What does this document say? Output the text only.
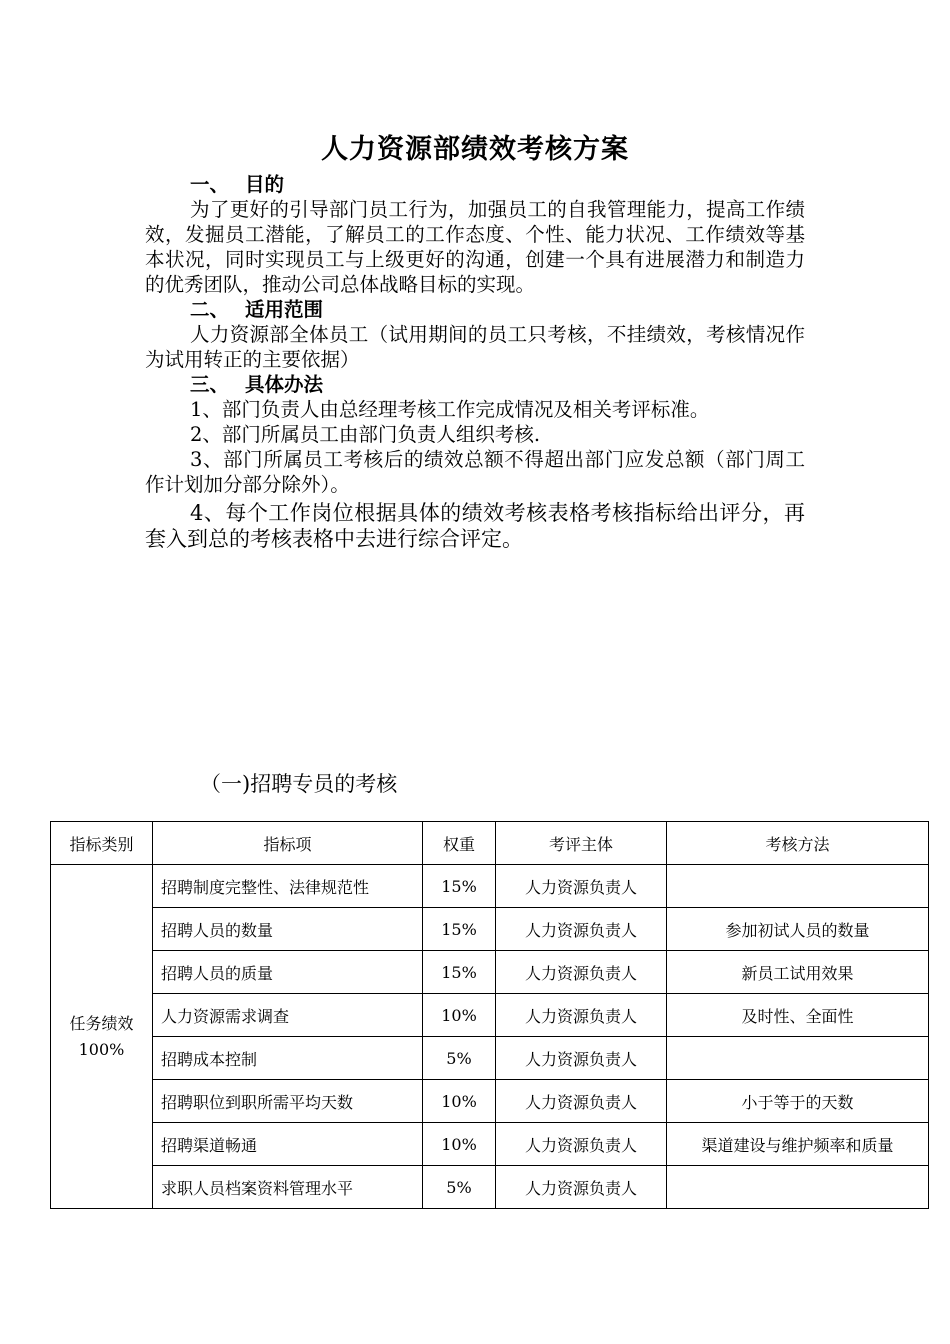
人力资源部绩效考核方案
一、 目的
为了更好的引导部门员工行为，加强员工的自我管理能力，提高工作绩效，发掘员工潜能，了解员工的工作态度、个性、能力状况、工作绩效等基本状况，同时实现员工与上级更好的沟通，创建一个具有进展潜力和制造力的优秀团队，推动公司总体战略目标的实现。
二、 适用范围
人力资源部全体员工（试用期间的员工只考核，不挂绩效，考核情况作为试用转正的主要依据）
三、 具体办法
1、部门负责人由总经理考核工作完成情况及相关考评标准。
2、部门所属员工由部门负责人组织考核.
3、部门所属员工考核后的绩效总额不得超出部门应发总额（部门周工作计划加分部分除外）。
4、每个工作岗位根据具体的绩效考核表格考核指标给出评分，再套入到总的考核表格中去进行综合评定。
（一)招聘专员的考核
指标类别	指标项	权重	考评主体	考核方法

任务绩效
100%	招聘制度完整性、法律规范性	15%	人力资源负责人	
	招聘人员的数量	15%	人力资源负责人	参加初试人员的数量
	招聘人员的质量	15%	人力资源负责人	新员工试用效果
	人力资源需求调查	10%	人力资源负责人	及时性、全面性
	招聘成本控制	5%	人力资源负责人	
	招聘职位到职所需平均天数	10%	人力资源负责人	小于等于的天数
	招聘渠道畅通	10%	人力资源负责人	渠道建设与维护频率和质量
	求职人员档案资料管理水平	5%	人力资源负责人	
